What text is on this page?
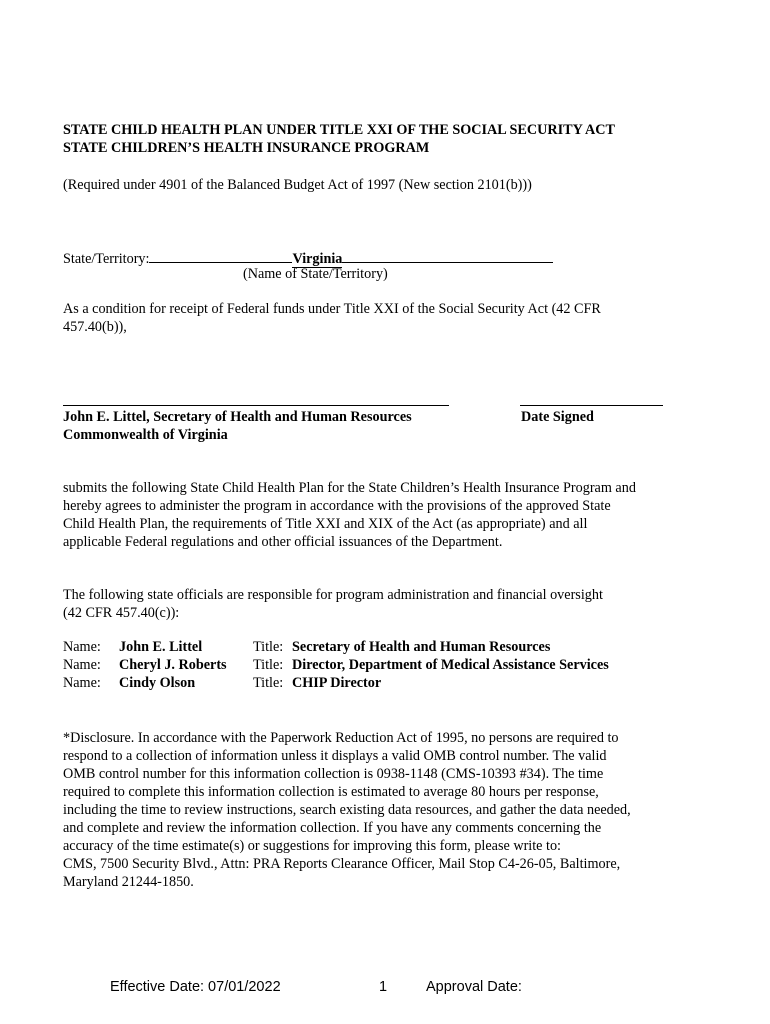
STATE CHILD HEALTH PLAN UNDER TITLE XXI OF THE SOCIAL SECURITY ACT
STATE CHILDREN’S HEALTH INSURANCE PROGRAM
(Required under 4901 of the Balanced Budget Act of 1997 (New section 2101(b)))
State/Territory:	Virginia
(Name of State/Territory)
As a condition for receipt of Federal funds under Title XXI of the Social Security Act (42 CFR
457.40(b)),
John E. Littel, Secretary of Health and Human Resources
Commonwealth of Virginia
Date Signed
submits the following State Child Health Plan for the State Children’s Health Insurance Program and
hereby agrees to administer the program in accordance with the provisions of the approved State
Child Health Plan, the requirements of Title XXI and XIX of the Act (as appropriate) and all
applicable Federal regulations and other official issuances of the Department.
The following state officials are responsible for program administration and financial oversight
(42 CFR 457.40(c)):
Name: John E. Littel	Title: Secretary of Health and Human Resources
Name: Cheryl J. Roberts Title: Director, Department of Medical Assistance Services
Name: Cindy Olson	Title: CHIP Director
*Disclosure. In accordance with the Paperwork Reduction Act of 1995, no persons are required to
respond to a collection of information unless it displays a valid OMB control number. The valid
OMB control number for this information collection is 0938-1148 (CMS-10393 #34). The time
required to complete this information collection is estimated to average 80 hours per response,
including the time to review instructions, search existing data resources, and gather the data needed,
and complete and review the information collection. If you have any comments concerning the
accuracy of the time estimate(s) or suggestions for improving this form, please write to:
CMS, 7500 Security Blvd., Attn: PRA Reports Clearance Officer, Mail Stop C4-26-05, Baltimore,
Maryland 21244-1850.
Effective Date: 07/01/2022	1	Approval Date:
